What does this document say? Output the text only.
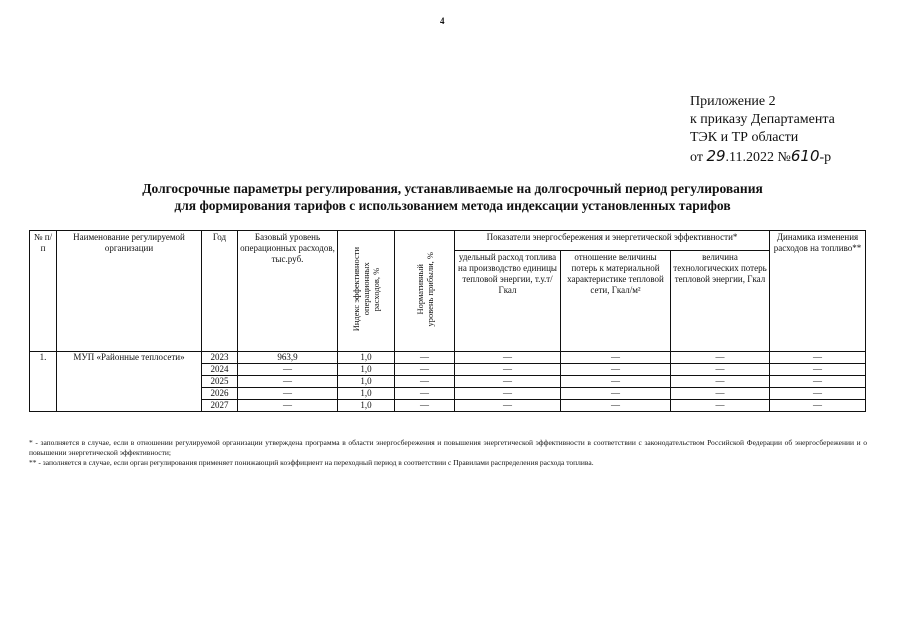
4
Приложение 2
к приказу Департамента
ТЭК и ТР области
от 29.11.2022 №610-р
Долгосрочные параметры регулирования, устанавливаемые на долгосрочный период регулирования
для формирования тарифов с использованием метода индексации установленных тарифов
№ п/п	Наименование регулируемой организации	Год	Базовый уровень операционных расходов, тыс.руб.	Индекс эффективности операционных расходов, %	Нормативный уровень прибыли, %	Показатели энергосбережения и энергетической эффективности*			Динамика изменения расходов на топливо**
						удельный расход топлива на производство единицы тепловой энергии, т.у.т/Гкал	отношение величины потерь к материальной характеристике тепловой сети, Гкал/м²	величина технологических потерь тепловой энергии, Гкал	
1.	МУП «Районные теплосети»	2023	963,9	1,0	—	—	—	—	—
		2024	—	1,0	—	—	—	—	—
		2025	—	1,0	—	—	—	—	—
		2026	—	1,0	—	—	—	—	—
		2027	—	1,0	—	—	—	—	—

* - заполняется в случае, если в отношении регулируемой организации утверждена программа в области энергосбережения и повышения энергетической эффективности в соответствии с законодательством Российской Федерации об энергосбережении и о повышении энергетической эффективности;

** - заполняется в случае, если орган регулирования применяет понижающий коэффициент на переходный период в соответствии с Правилами распределения расхода топлива.
